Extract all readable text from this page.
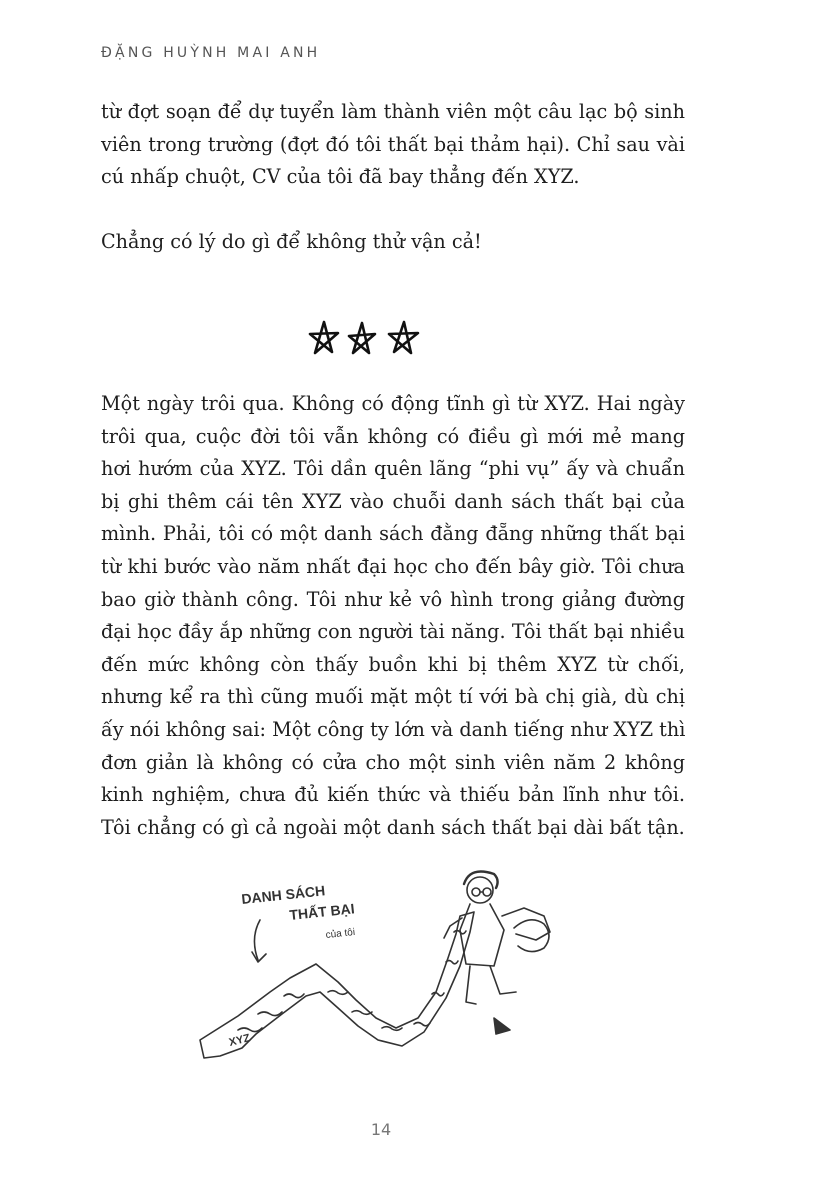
ĐẶNG HUỲNH MAI ANH

từ đợt soạn để dự tuyển làm thành viên một câu lạc bộ sinh
viên trong trường (đợt đó tôi thất bại thảm hại). Chỉ sau vài
cú nhấp chuột, CV của tôi đã bay thẳng đến XYZ.

Chẳng có lý do gì để không thử vận cả!

Một ngày trôi qua. Không có động tĩnh gì từ XYZ. Hai ngày
trôi qua, cuộc đời tôi vẫn không có điều gì mới mẻ mang
hơi hướm của XYZ. Tôi dần quên lãng “phi vụ” ấy và chuẩn
bị ghi thêm cái tên XYZ vào chuỗi danh sách thất bại của
mình. Phải, tôi có một danh sách đằng đẵng những thất bại
từ khi bước vào năm nhất đại học cho đến bây giờ. Tôi chưa
bao giờ thành công. Tôi như kẻ vô hình trong giảng đường
đại học đầy ắp những con người tài năng. Tôi thất bại nhiều
đến mức không còn thấy buồn khi bị thêm XYZ từ chối,
nhưng kể ra thì cũng muối mặt một tí với bà chị già, dù chị
ấy nói không sai: Một công ty lớn và danh tiếng như XYZ thì
đơn giản là không có cửa cho một sinh viên năm 2 không
kinh nghiệm, chưa đủ kiến thức và thiếu bản lĩnh như tôi.
Tôi chẳng có gì cả ngoài một danh sách thất bại dài bất tận.

DANH SÁCH
THẤT BẠI
của tôi
XYZ
14
